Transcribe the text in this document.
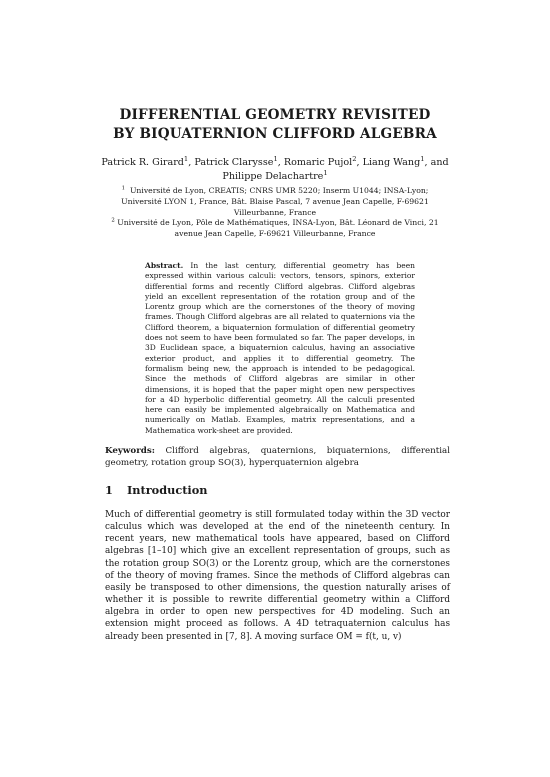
DIFFERENTIAL GEOMETRY REVISITED
BY BIQUATERNION CLIFFORD ALGEBRA
Patrick R. Girard$^1$, Patrick Clarysse$^1$, Romaric Pujol$^2$, Liang Wang$^1$, and Philippe Delachartre$^1$
$^1$ Université de Lyon, CREATIS; CNRS UMR 5220; Inserm U1044; INSA-Lyon;
Université LYON 1, France, Bât. Blaise Pascal, 7 avenue Jean Capelle, F-69621
Villeurbanne, France
$^2$ Université de Lyon, Pôle de Mathématiques, INSA-Lyon, Bât. Léonard de Vinci, 21
avenue Jean Capelle, F-69621 Villeurbanne, France
Abstract. In the last century, differential geometry has been expressed within various calculi: vectors, tensors, spinors, exterior differential forms and recently Clifford algebras. Clifford algebras yield an excellent representation of the rotation group and of the Lorentz group which are the cornerstones of the theory of moving frames. Though Clifford algebras are all related to quaternions via the Clifford theorem, a biquaternion formulation of differential geometry does not seem to have been formulated so far. The paper develops, in 3D Euclidean space, a biquaternion calculus, having an associative exterior product, and applies it to differential geometry. The formalism being new, the approach is intended to be pedagogical. Since the methods of Clifford algebras are similar in other dimensions, it is hoped that the paper might open new perspectives for a 4D hyperbolic differential geometry. All the calculi presented here can easily be implemented algebraically on Mathematica and numerically on Matlab. Examples, matrix representations, and a Mathematica work-sheet are provided.
Keywords: Clifford algebras, quaternions, biquaternions, differential geometry, rotation group SO(3), hyperquaternion algebra
1 Introduction
Much of differential geometry is still formulated today within the 3D vector calculus which was developed at the end of the nineteenth century. In recent years, new mathematical tools have appeared, based on Clifford algebras [1–10] which give an excellent representation of groups, such as the rotation group SO(3) or the Lorentz group, which are the cornerstones of the theory of moving frames. Since the methods of Clifford algebras can easily be transposed to other dimensions, the question naturally arises of whether it is possible to rewrite differential geometry within a Clifford algebra in order to open new perspectives for 4D modeling. Such an extension might proceed as follows. A 4D tetraquaternion calculus has already been presented in [7, 8]. A moving surface OM = f(t, u, v)
